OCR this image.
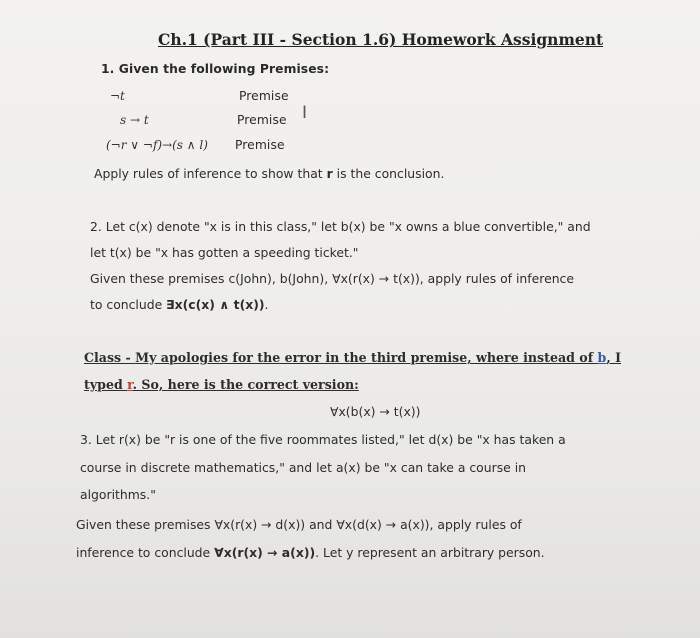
Ch.1 (Part III - Section 1.6) Homework Assignment
1. Given the following Premises:
¬t	Premise
s → t	Premise I
(¬r ∨ ¬f)→(s ∧ l) Premise
Apply rules of inference to show that r is the conclusion.
2. Let c(x) denote "x is in this class," let b(x) be "x owns a blue convertible," and
let t(x) be "x has gotten a speeding ticket."
Given these premises c(John), b(John), ∀x(r(x) → t(x)), apply rules of inference
to conclude ∃x(c(x) ∧ t(x)).
Class - My apologies for the error in the third premise, where instead of b, I
typed r. So, here is the correct version:
∀x(b(x) → t(x))
3. Let r(x) be "r is one of the five roommates listed," let d(x) be "x has taken a
course in discrete mathematics," and let a(x) be "x can take a course in
algorithms."
Given these premises ∀x(r(x) → d(x)) and ∀x(d(x) → a(x)), apply rules of
inference to conclude ∀x(r(x) → a(x)). Let y represent an arbitrary person.
